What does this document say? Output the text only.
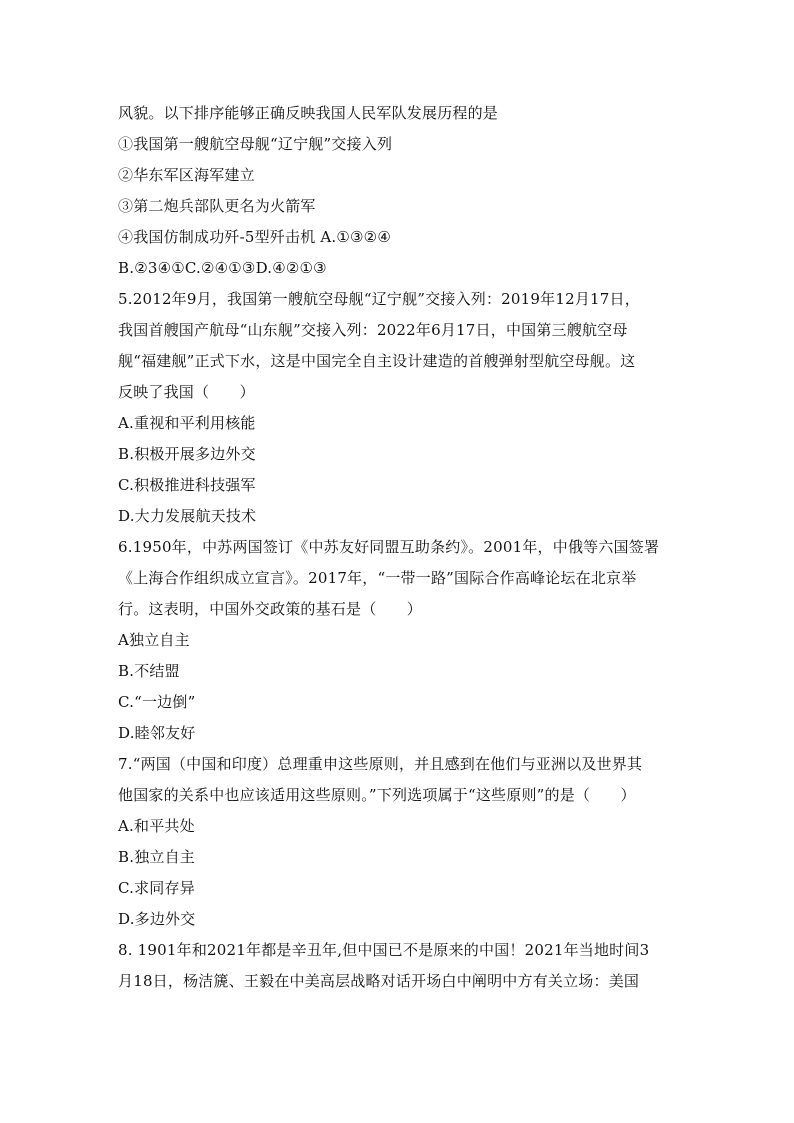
风貌。以下排序能够正确反映我国人民军队发展历程的是
①我国第一艘航空母舰“辽宁舰”交接入列
②华东军区海军建立
③第二炮兵部队更名为火箭军
④我国仿制成功歼-5型歼击机 A.①③②④
B.②3④①C.②④①③D.④②①③
5.2012年9月，我国第一艘航空母舰“辽宁舰”交接入列：2019年12月17日，
我国首艘国产航母“山东舰”交接入列：2022年6月17日，中国第三艘航空母
舰“福建舰”正式下水，这是中国完全自主设计建造的首艘弹射型航空母舰。这
反映了我国（　　）
A.重视和平利用核能
B.积极开展多边外交
C.积极推进科技强军
D.大力发展航天技术
6.1950年，中苏两国签订《中苏友好同盟互助条约》。2001年，中俄等六国签署
《上海合作组织成立宣言》。2017年，“一带一路”国际合作高峰论坛在北京举
行。这表明，中国外交政策的基石是（　　）
A独立自主
B.不结盟
C.“一边倒”
D.睦邻友好
7.“两国（中国和印度）总理重申这些原则，并且感到在他们与亚洲以及世界其
他国家的关系中也应该适用这些原则。”下列选项属于“这些原则”的是（　　）
A.和平共处
B.独立自主
C.求同存异
D.多边外交
8. 1901年和2021年都是辛丑年,但中国已不是原来的中国！2021年当地时间3
月18日，杨洁篪、王毅在中美高层战略对话开场白中阐明中方有关立场：美国
